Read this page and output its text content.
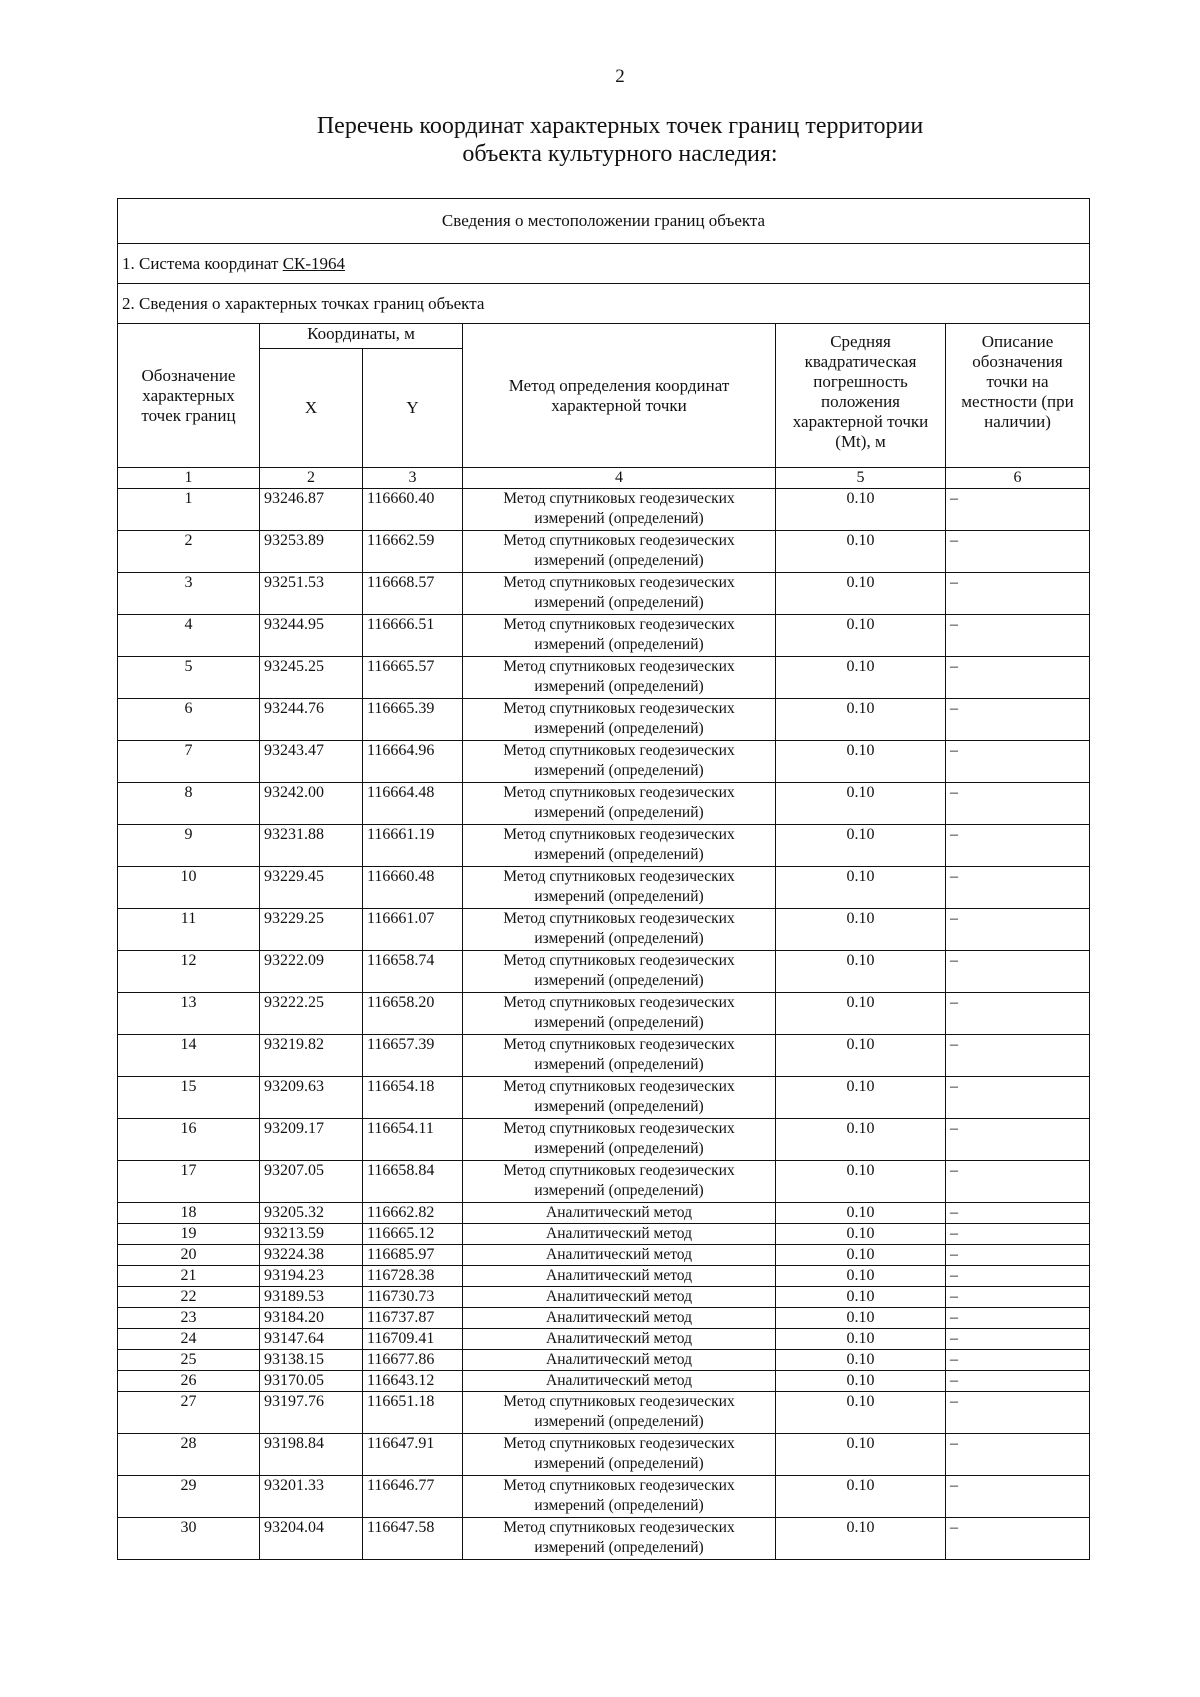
2
Перечень координат характерных точек границ территории
объекта культурного наследия:
Сведения о местоположении границ объекта					
1. Система координат СК-1964					
2. Сведения о характерных точках границ объекта					
Обозначение характерных точек границ	Координаты, м		Метод определения координат характерной точки	Средняя квадратическая погрешность положения характерной точки (Mt), м	Описание обозначения точки на местности (при наличии)
	X	Y			
1	2	3	4	5	6
1	93246.87	116660.40	Метод спутниковых геодезических измерений (определений)	0.10	–
2	93253.89	116662.59	Метод спутниковых геодезических измерений (определений)	0.10	–
3	93251.53	116668.57	Метод спутниковых геодезических измерений (определений)	0.10	–
4	93244.95	116666.51	Метод спутниковых геодезических измерений (определений)	0.10	–
5	93245.25	116665.57	Метод спутниковых геодезических измерений (определений)	0.10	–
6	93244.76	116665.39	Метод спутниковых геодезических измерений (определений)	0.10	–
7	93243.47	116664.96	Метод спутниковых геодезических измерений (определений)	0.10	–
8	93242.00	116664.48	Метод спутниковых геодезических измерений (определений)	0.10	–
9	93231.88	116661.19	Метод спутниковых геодезических измерений (определений)	0.10	–
10	93229.45	116660.48	Метод спутниковых геодезических измерений (определений)	0.10	–
11	93229.25	116661.07	Метод спутниковых геодезических измерений (определений)	0.10	–
12	93222.09	116658.74	Метод спутниковых геодезических измерений (определений)	0.10	–
13	93222.25	116658.20	Метод спутниковых геодезических измерений (определений)	0.10	–
14	93219.82	116657.39	Метод спутниковых геодезических измерений (определений)	0.10	–
15	93209.63	116654.18	Метод спутниковых геодезических измерений (определений)	0.10	–
16	93209.17	116654.11	Метод спутниковых геодезических измерений (определений)	0.10	–
17	93207.05	116658.84	Метод спутниковых геодезических измерений (определений)	0.10	–
18	93205.32	116662.82	Аналитический метод	0.10	–
19	93213.59	116665.12	Аналитический метод	0.10	–
20	93224.38	116685.97	Аналитический метод	0.10	–
21	93194.23	116728.38	Аналитический метод	0.10	–
22	93189.53	116730.73	Аналитический метод	0.10	–
23	93184.20	116737.87	Аналитический метод	0.10	–
24	93147.64	116709.41	Аналитический метод	0.10	–
25	93138.15	116677.86	Аналитический метод	0.10	–
26	93170.05	116643.12	Аналитический метод	0.10	–
27	93197.76	116651.18	Метод спутниковых геодезических измерений (определений)	0.10	–
28	93198.84	116647.91	Метод спутниковых геодезических измерений (определений)	0.10	–
29	93201.33	116646.77	Метод спутниковых геодезических измерений (определений)	0.10	–
30	93204.04	116647.58	Метод спутниковых геодезических измерений (определений)	0.10	–
